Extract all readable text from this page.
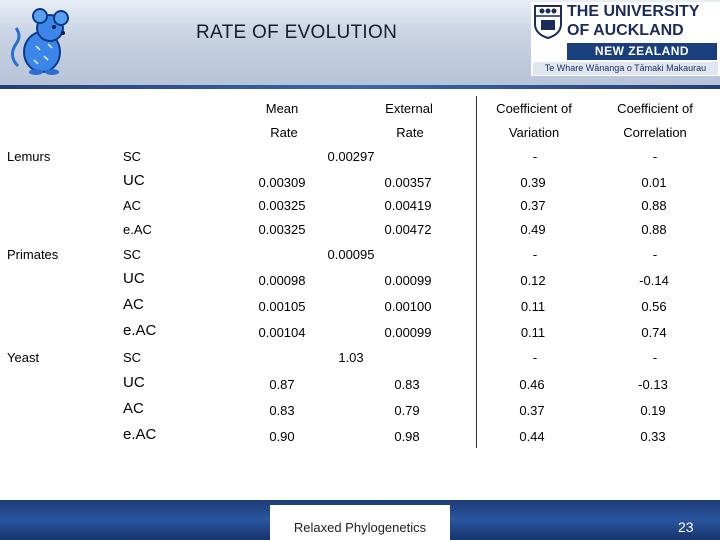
RATE OF EVOLUTION
THE UNIVERSITY
OF AUCKLAND
NEW ZEALAND
Te Whare Wānanga o Tāmaki Makaurau
Mean
Rate
External
Rate
Coefficient of
Variation
Coefficient of
Correlation
Lemurs	SC	0.00297	-	-
UC	0.00309	0.00357	0.39	0.01
AC	0.00325	0.00419	0.37	0.88
e.AC	0.00325	0.00472	0.49	0.88
Primates	SC	0.00095	-	-
UC	0.00098	0.00099	0.12	-0.14
AC	0.00105	0.00100	0.11	0.56
e.AC	0.00104	0.00099	0.11	0.74
Yeast	SC	1.03	-	-
UC	0.87	0.83	0.46	-0.13
AC	0.83	0.79	0.37	0.19
e.AC	0.90	0.98	0.44	0.33
Relaxed Phylogenetics	23
